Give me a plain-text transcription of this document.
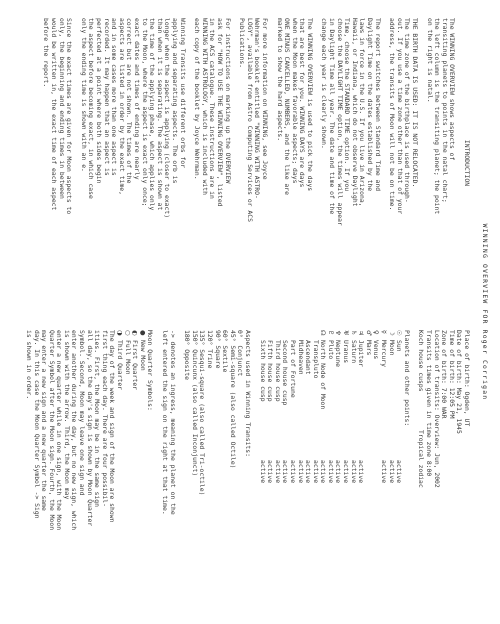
WINNING OVERVIEW FOR Roger Corrigan
INTRODUCTION
The WINNING OVERVIEW shows aspects of
transiting planets to points in the natal chart;
the left column is the transiting planet; the point
on the right is natal.
THE BIRTH DATA IS USED: IT IS NOT RELOCATED.
The time zone of the birthplace is used through-
out. If you use a time zone other than that of your
address, the transits of Moon will not be on time.
The report switches between Standard Time and
Daylight Time on the dates established by the
laws in force in the U.S. If you live in Arizona,
Hawaii, or Indiana, which do not observe Daylight
Time, choose the STANDARD TIME option. If you
choose the DAYLIGHT TIME option, the times will appear
in Daylight Time all year. The date and time of the
change each year is clearly shown.
The WINNING OVERVIEW is used to pick the days
that are best for you. WINNING DAYS are days
when the Moon makes favorable aspects; days
ONE MINUS CANCELLED, NUMBERS, and the like are
marked to show the hard aspects.
For more information on WINNING, see Joyce
Wehrman's booklet entitled "WINNING WITH ASTRO-
LOGY", available from Astro Computing Services or ACS
Publications.
For instructions on marking up the OVERVIEW
ask for "HOW TO USE THE WINNING OVERVIEW", listed
in the ACS catalogue. These instructions are in
WINNING WITH ASTROLOGY, which is included with
each copy of the booklet by Joyce Wehrman.
Winning Transits use different orbs for
applying and separating aspects. The orb is
longer when the aspect is applying (closer to exact)
than when it is separating. The aspect is shown at
the time of the applying phase, which applies only
to the Moon, where the aspect is exact only once;
exact dates and times of ending are nearly
correct but are not shown. The times of the
aspects are listed in order by the exact time,
and in some cases more than one aspect is
recorded. It may happen that an aspect is
perfected at a point where both sides begin
the aspect before becoming exact, in which case
only the ending time is shown with an e.
Since the exact times are given for Moon aspects to
only, the beginning and ending times in between
would be written in, the exact time of each aspect
before the report.
Place of birth: Ogden, UT
Date of birth: May 21, 1945
Time of birth: 12:05 PM
Zone of birth: 7:00 WAR
Location of transits: Overview: Jun, 2002
Transits times given in time zone 8:00
Koch house cusps          Tropical zodiac
Planets and other points:
☉Sunactive
☽Moonactive
☿Mercuryactive
♀Venus
♂Mars
♃Jupiteractive
♄Saturnactive
♅Uranusactive
♆Neptuneactive
♇Plutoactive
☊North Node of Moonactive
Transplutoactive
Ascendantactive
Midheavenactive
Part of Fortuneactive
Second house cuspactive
Third house cuspactive
Fifth house cuspactive
Sixth house cuspactive
Aspects used in Winning Transits:
0°  Conjunct
45° Semi-square (also called Octile)
60° Sextile
90° Square
120° Trine
135° Sesqui-square (also called Tri-octile)
150° Quincunx (also called Inconjunct)
180° Opposite
-> denotes an ingress, meaning the planet on the
left entered the sign on the right at that time.
Moon Quarter Symbols:
●New Moon
◐First Quarter
○Full Moon
◑Third Quarter
The day of the week and sign of the Moon are shown
first thing each day. There are four possibil-
ities. First, the Moon may be in the same sign
all day, so the day's sign is shown by Moon Quarter
Symbol. Second, Moon may leave one sign and
enter another during the day, but no new sign, which
is shown with the arrow. Third, the Moon may
enter a new quarter while in one sign, with the Moon
Quarter Symbol after the Moon sign. Fourth, the Moon
may enter a new sign and a new quarter the same
day. In this case the Moon Quarter Symbol -> Sign
is shown in order.
